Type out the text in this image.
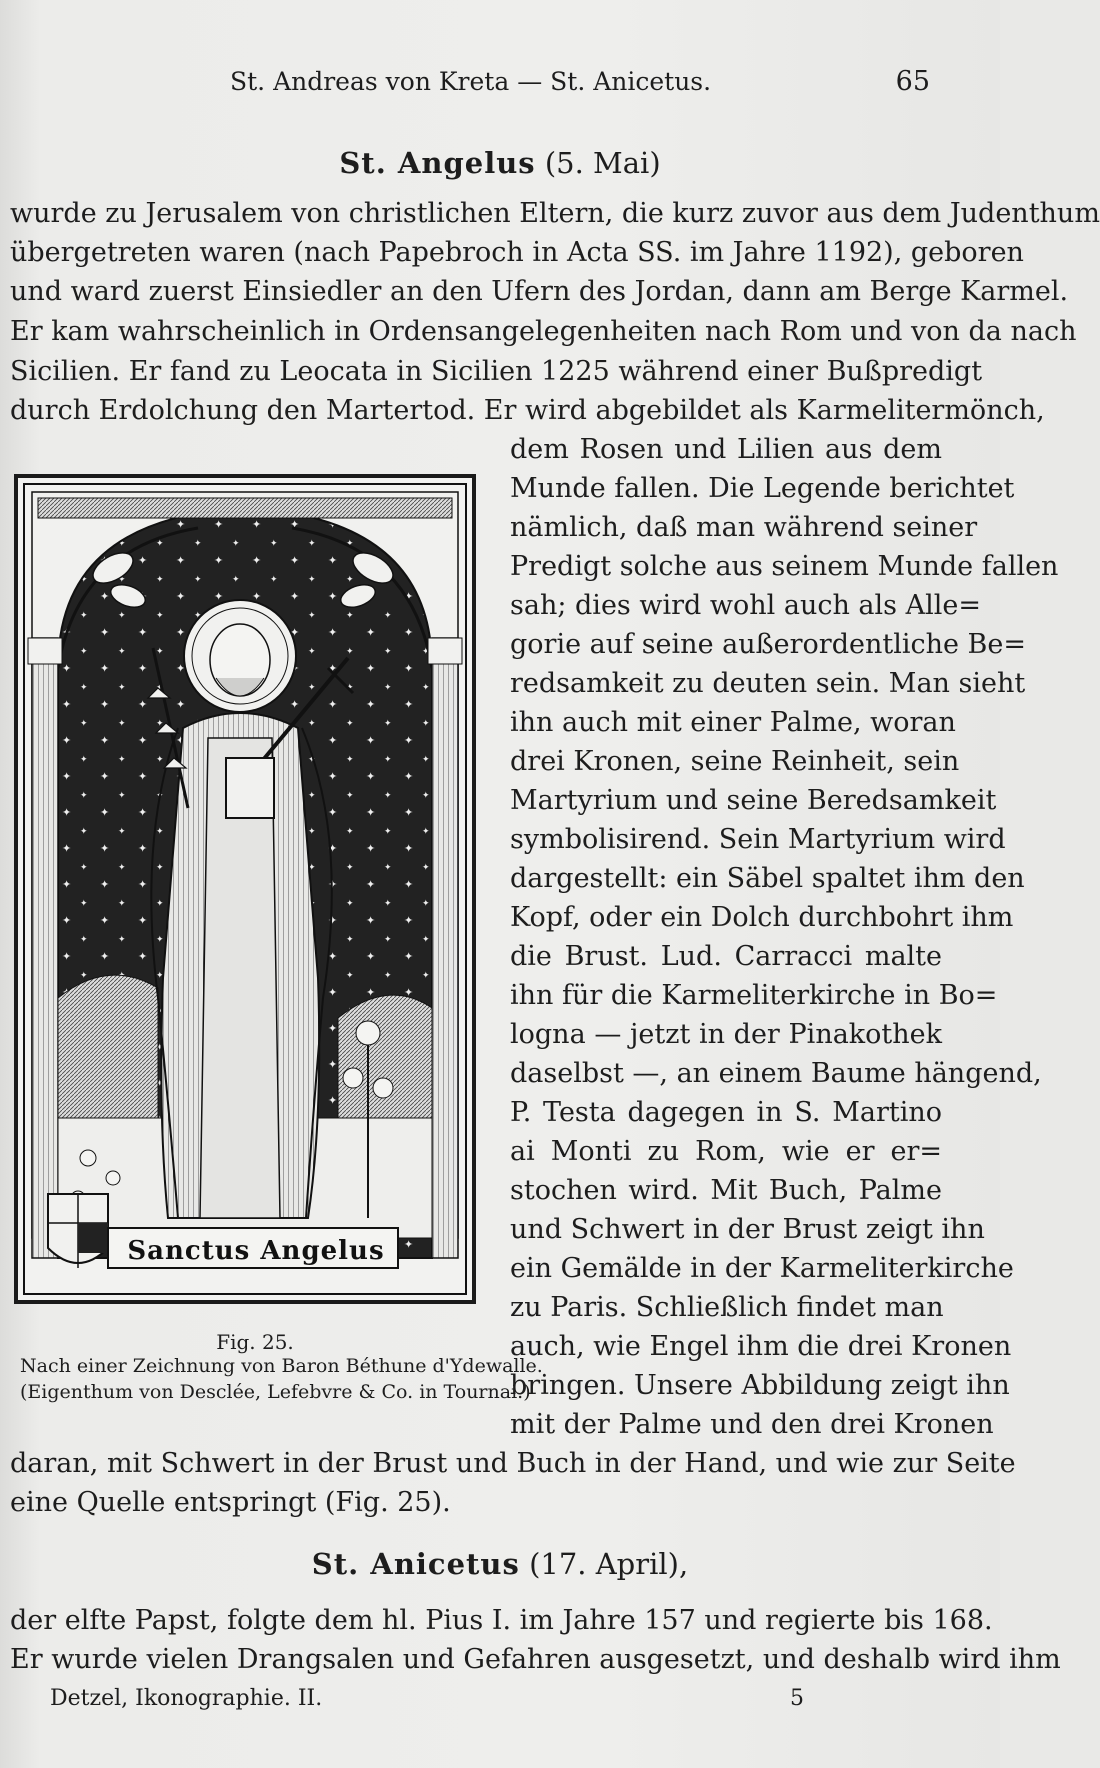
St. Andreas von Kreta — St. Anicetus.	65
St. Angelus (5. Mai)
wurde zu Jerusalem von christlichen Eltern, die kurz zuvor aus dem Judenthum
übergetreten waren (nach Papebroch in Acta SS. im Jahre 1192), geboren
und ward zuerst Einsiedler an den Ufern des Jordan, dann am Berge Karmel.
Er kam wahrscheinlich in Ordensangelegenheiten nach Rom und von da nach
Sicilien. Er fand zu Leocata in Sicilien 1225 während einer Bußpredigt
durch Erdolchung den Martertod. Er wird abgebildet als Karmelitermönch,
dem Rosen und Lilien aus dem
Munde fallen. Die Legende berichtet
nämlich, daß man während seiner
Predigt solche aus seinem Munde fallen
sah; dies wird wohl auch als Alle=
gorie auf seine außerordentliche Be=
redsamkeit zu deuten sein. Man sieht
ihn auch mit einer Palme, woran
drei Kronen, seine Reinheit, sein
Martyrium und seine Beredsamkeit
symbolisirend. Sein Martyrium wird
dargestellt: ein Säbel spaltet ihm den
Kopf, oder ein Dolch durchbohrt ihm
die Brust. Lud. Carracci malte
ihn für die Karmeliterkirche in Bo=
logna — jetzt in der Pinakothek
daselbst —, an einem Baume hängend,
P. Testa dagegen in S. Martino
ai Monti zu Rom, wie er er=
stochen wird. Mit Buch, Palme
und Schwert in der Brust zeigt ihn
ein Gemälde in der Karmeliterkirche
zu Paris. Schließlich findet man
auch, wie Engel ihm die drei Kronen
bringen. Unsere Abbildung zeigt ihn
mit der Palme und den drei Kronen
Sanctus Angelus
Fig. 25.
Nach einer Zeichnung von Baron Béthune d'Ydewalle.
(Eigenthum von Desclée, Lefebvre & Co. in Tournai.)
daran, mit Schwert in der Brust und Buch in der Hand, und wie zur Seite
eine Quelle entspringt (Fig. 25).
St. Anicetus (17. April),
der elfte Papst, folgte dem hl. Pius I. im Jahre 157 und regierte bis 168.
Er wurde vielen Drangsalen und Gefahren ausgesetzt, und deshalb wird ihm
Detzel, Ikonographie. II.	5
